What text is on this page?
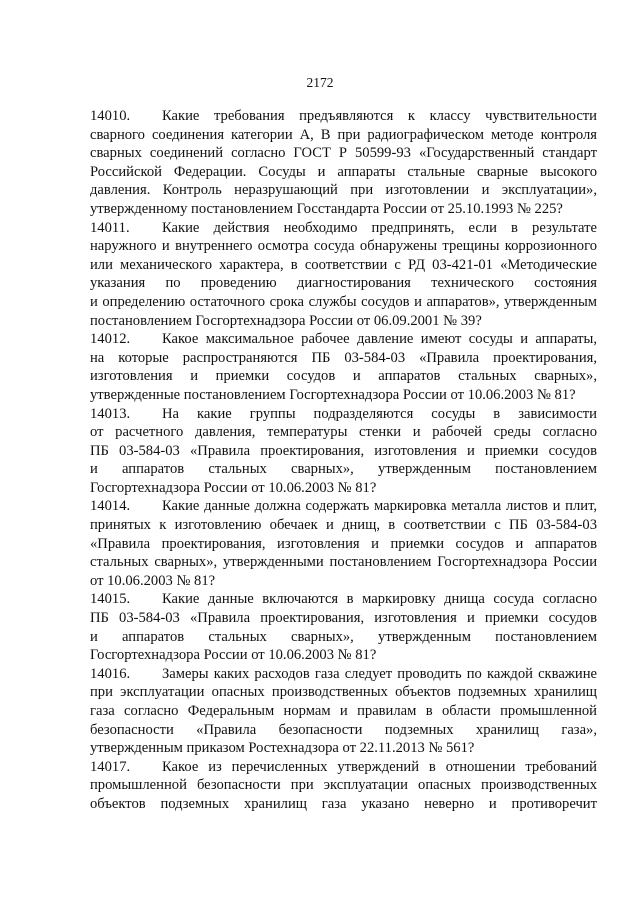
2172
14010.	Какие требования предъявляются к классу чувствительности
сварного соединения категории А, В при радиографическом методе контроля
сварных соединений согласно ГОСТ Р 50599-93 «Государственный стандарт
Российской Федерации. Сосуды и аппараты стальные сварные высокого
давления. Контроль неразрушающий при изготовлении и эксплуатации»,
утвержденному постановлением Госстандарта России от 25.10.1993 № 225?
14011.	Какие действия необходимо предпринять, если в результате
наружного и внутреннего осмотра сосуда обнаружены трещины коррозионного
или механического характера, в соответствии с РД 03-421-01 «Методические
указания по проведению диагностирования технического состояния
и определению остаточного срока службы сосудов и аппаратов», утвержденным
постановлением Госгортехнадзора России от 06.09.2001 № 39?
14012.	Какое максимальное рабочее давление имеют сосуды и аппараты,
на которые распространяются ПБ 03-584-03 «Правила проектирования,
изготовления и приемки сосудов и аппаратов стальных сварных»,
утвержденные постановлением Госгортехнадзора России от 10.06.2003 № 81?
14013.	На какие группы подразделяются сосуды в зависимости
от расчетного давления, температуры стенки и рабочей среды согласно
ПБ 03-584-03 «Правила проектирования, изготовления и приемки сосудов
и аппаратов стальных сварных», утвержденным постановлением
Госгортехнадзора России от 10.06.2003 № 81?
14014.	Какие данные должна содержать маркировка металла листов и плит,
принятых к изготовлению обечаек и днищ, в соответствии с ПБ 03-584-03
«Правила проектирования, изготовления и приемки сосудов и аппаратов
стальных сварных», утвержденными постановлением Госгортехнадзора России
от 10.06.2003 № 81?
14015.	Какие данные включаются в маркировку днища сосуда согласно
ПБ 03-584-03 «Правила проектирования, изготовления и приемки сосудов
и аппаратов стальных сварных», утвержденным постановлением
Госгортехнадзора России от 10.06.2003 № 81?
14016.	Замеры каких расходов газа следует проводить по каждой скважине
при эксплуатации опасных производственных объектов подземных хранилищ
газа согласно Федеральным нормам и правилам в области промышленной
безопасности «Правила безопасности подземных хранилищ газа»,
утвержденным приказом Ростехнадзора от 22.11.2013 № 561?
14017.	Какое из перечисленных утверждений в отношении требований
промышленной безопасности при эксплуатации опасных производственных
объектов подземных хранилищ газа указано неверно и противоречит
